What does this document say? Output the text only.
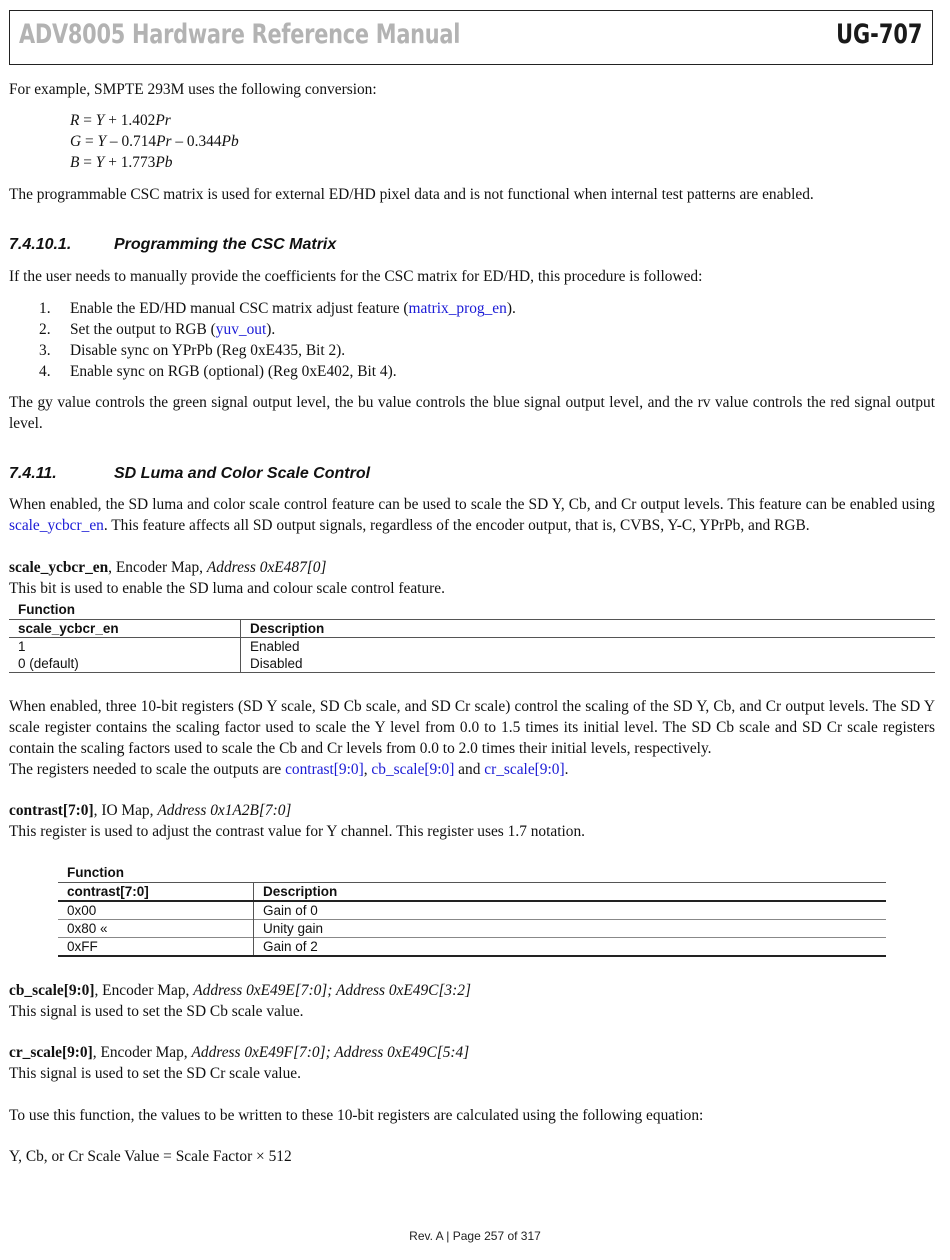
ADV8005 Hardware Reference Manual	UG-707
For example, SMPTE 293M uses the following conversion:
R = Y + 1.402Pr
G = Y – 0.714Pr – 0.344Pb
B = Y + 1.773Pb
The programmable CSC matrix is used for external ED/HD pixel data and is not functional when internal test patterns are enabled.
7.4.10.1.	Programming the CSC Matrix
If the user needs to manually provide the coefficients for the CSC matrix for ED/HD, this procedure is followed:
1.	Enable the ED/HD manual CSC matrix adjust feature (matrix_prog_en).
2.	Set the output to RGB (yuv_out).
3.	Disable sync on YPrPb (Reg 0xE435, Bit 2).
4.	Enable sync on RGB (optional) (Reg 0xE402, Bit 4).
The gy value controls the green signal output level, the bu value controls the blue signal output level, and the rv value controls the red signal output level.
7.4.11.	SD Luma and Color Scale Control
When enabled, the SD luma and color scale control feature can be used to scale the SD Y, Cb, and Cr output levels. This feature can be enabled using scale_ycbcr_en. This feature affects all SD output signals, regardless of the encoder output, that is, CVBS, Y-C, YPrPb, and RGB.
scale_ycbcr_en, Encoder Map, Address 0xE487[0]
This bit is used to enable the SD luma and colour scale control feature.
Function
scale_ycbcr_en	Description
1	Enabled
0 (default)	Disabled
When enabled, three 10-bit registers (SD Y scale, SD Cb scale, and SD Cr scale) control the scaling of the SD Y, Cb, and Cr output levels. The SD Y scale register contains the scaling factor used to scale the Y level from 0.0 to 1.5 times its initial level. The SD Cb scale and SD Cr scale registers contain the scaling factors used to scale the Cb and Cr levels from 0.0 to 2.0 times their initial levels, respectively.
The registers needed to scale the outputs are contrast[9:0], cb_scale[9:0] and cr_scale[9:0].
contrast[7:0], IO Map, Address 0x1A2B[7:0]
This register is used to adjust the contrast value for Y channel. This register uses 1.7 notation.
Function
contrast[7:0]	Description
0x00	Gain of 0
0x80 «	Unity gain
0xFF	Gain of 2
cb_scale[9:0], Encoder Map, Address 0xE49E[7:0]; Address 0xE49C[3:2]
This signal is used to set the SD Cb scale value.
cr_scale[9:0], Encoder Map, Address 0xE49F[7:0]; Address 0xE49C[5:4]
This signal is used to set the SD Cr scale value.
To use this function, the values to be written to these 10-bit registers are calculated using the following equation:
Y, Cb, or Cr Scale Value = Scale Factor × 512
Rev. A | Page 257 of 317
